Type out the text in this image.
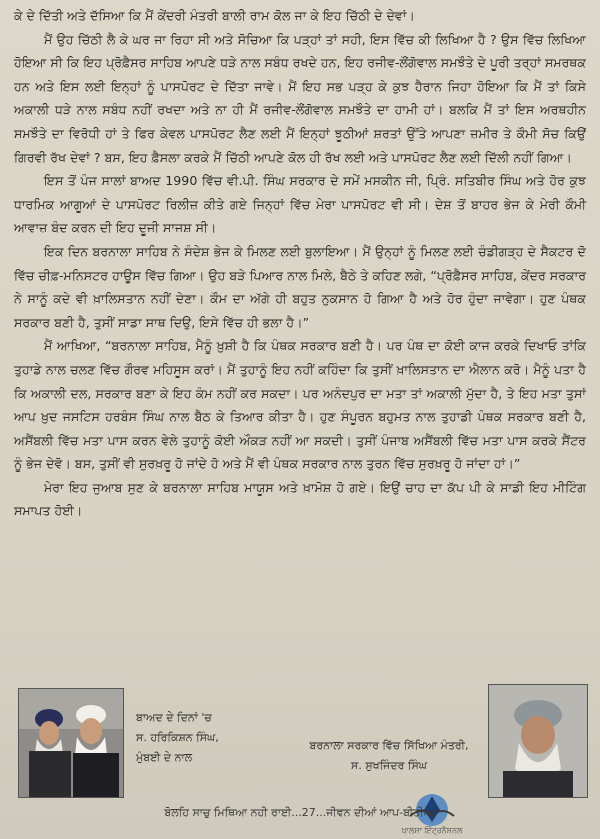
ਕੇ ਦੇ ਦਿੱਤੀ ਅਤੇ ਦੱਸਿਆ ਕਿ ਮੈਂ ਕੇਂਦਰੀ ਮੰਤਰੀ ਬਾਲੀ ਰਾਮ ਕੋਲ ਜਾ ਕੇ ਇਹ ਚਿੱਠੀ ਦੇ ਦੇਵਾਂ।

ਮੈਂ ਉਹ ਚਿੱਠੀ ਲੈ ਕੇ ਘਰ ਜਾ ਰਿਹਾ ਸੀ ਅਤੇ ਸੋਚਿਆ ਕਿ ਪੜ੍ਹਾਂ ਤਾਂ ਸਹੀ, ਇਸ ਵਿੱਚ ਕੀ ਲਿਖਿਆ ਹੈ ? ਉਸ ਵਿੱਚ ਲਿਖਿਆ ਹੋਇਆ ਸੀ ਕਿ ਇਹ ਪ੍ਰੋਫ਼ੈਸਰ ਸਾਹਿਬ ਆਪਣੇ ਧੜੇ ਨਾਲ ਸਬੰਧ ਰਖਦੇ ਹਨ, ਇਹ ਰਜੀਵ-ਲੌਂਗੋਵਾਲ ਸਮਝੌਤੇ ਦੇ ਪੂਰੀ ਤਰ੍ਹਾਂ ਸਮਰਥਕ ਹਨ ਅਤੇ ਇਸ ਲਈ ਇਨ੍ਹਾਂ ਨੂੰ ਪਾਸਪੋਰਟ ਦੇ ਦਿੱਤਾ ਜਾਵੇ। ਮੈਂ ਇਹ ਸਭ ਪੜ੍ਹ ਕੇ ਕੁਝ ਹੈਰਾਨ ਜਿਹਾ ਹੋਇਆ ਕਿ ਮੈਂ ਤਾਂ ਕਿਸੇ ਅਕਾਲੀ ਧੜੇ ਨਾਲ ਸਬੰਧ ਨਹੀਂ ਰਖਦਾ ਅਤੇ ਨਾ ਹੀ ਮੈਂ ਰਜੀਵ-ਲੌਂਗੋਵਾਲ ਸਮਝੌਤੇ ਦਾ ਹਾਮੀ ਹਾਂ। ਬਲਕਿ ਮੈਂ ਤਾਂ ਇਸ ਅਰਥਹੀਨ ਸਮਝੌਤੇ ਦਾ ਵਿਰੋਧੀ ਹਾਂ ਤੇ ਫਿਰ ਕੇਵਲ ਪਾਸਪੋਰਟ ਲੈਣ ਲਈ ਮੈਂ ਇਨ੍ਹਾਂ ਝੂਠੀਆਂ ਸ਼ਰਤਾਂ ਉੱਤੇ ਆਪਣਾ ਜ਼ਮੀਰ ਤੇ ਕੌਮੀ ਸੋਚ ਕਿਉਂ ਗਿਰਵੀ ਰੱਖ ਦੇਵਾਂ ? ਬਸ, ਇਹ ਫ਼ੈਸਲਾ ਕਰਕੇ ਮੈਂ ਚਿੱਠੀ ਆਪਣੇ ਕੋਲ ਹੀ ਰੱਖ ਲਈ ਅਤੇ ਪਾਸਪੋਰਟ ਲੈਣ ਲਈ ਦਿੱਲੀ ਨਹੀਂ ਗਿਆ।

ਇਸ ਤੋਂ ਪੰਜ ਸਾਲਾਂ ਬਾਅਦ 1990 ਵਿੱਚ ਵੀ.ਪੀ. ਸਿੰਘ ਸਰਕਾਰ ਦੇ ਸਮੇਂ ਮਸਕੀਨ ਜੀ, ਪ੍ਰਿੰ. ਸਤਿਬੀਰ ਸਿੰਘ ਅਤੇ ਹੋਰ ਕੁਝ ਧਾਰਮਿਕ ਆਗੂਆਂ ਦੇ ਪਾਸਪੋਰਟ ਰਿਲੀਜ਼ ਕੀਤੇ ਗਏ ਜਿਨ੍ਹਾਂ ਵਿੱਚ ਮੇਰਾ ਪਾਸਪੋਰਟ ਵੀ ਸੀ। ਦੇਸ਼ ਤੋਂ ਬਾਹਰ ਭੇਜ ਕੇ ਮੇਰੀ ਕੌਮੀ ਆਵਾਜ਼ ਬੰਦ ਕਰਨ ਦੀ ਇਹ ਦੂਜੀ ਸਾਜਸ਼ ਸੀ।

ਇਕ ਦਿਨ ਬਰਨਾਲਾ ਸਾਹਿਬ ਨੇ ਸੰਦੇਸ਼ ਭੇਜ ਕੇ ਮਿਲਣ ਲਈ ਬੁਲਾਇਆ। ਮੈਂ ਉਨ੍ਹਾਂ ਨੂੰ ਮਿਲਣ ਲਈ ਚੰਡੀਗੜ੍ਹ ਦੇ ਸੈਕਟਰ ਦੋ ਵਿੱਚ ਚੀਫ਼-ਮਨਿਸਟਰ ਹਾਊਸ ਵਿੱਚ ਗਿਆ। ਉਹ ਬੜੇ ਪਿਆਰ ਨਾਲ ਮਿਲੇ, ਬੈਠੇ ਤੇ ਕਹਿਣ ਲਗੇ, “ਪ੍ਰੋਫ਼ੈਸਰ ਸਾਹਿਬ, ਕੇਂਦਰ ਸਰਕਾਰ ਨੇ ਸਾਨੂੰ ਕਦੇ ਵੀ ਖ਼ਾਲਿਸਤਾਨ ਨਹੀਂ ਦੇਣਾ। ਕੌਮ ਦਾ ਅੱਗੇ ਹੀ ਬਹੁਤ ਨੁਕਸਾਨ ਹੋ ਗਿਆ ਹੈ ਅਤੇ ਹੋਰ ਹੁੰਦਾ ਜਾਵੇਗਾ। ਹੁਣ ਪੰਥਕ ਸਰਕਾਰ ਬਣੀ ਹੈ, ਤੁਸੀਂ ਸਾਡਾ ਸਾਥ ਦਿਉ, ਇਸੇ ਵਿੱਚ ਹੀ ਭਲਾ ਹੈ।”

ਮੈਂ ਆਖਿਆ, “ਬਰਨਾਲਾ ਸਾਹਿਬ, ਮੈਨੂੰ ਖ਼ੁਸ਼ੀ ਹੈ ਕਿ ਪੰਥਕ ਸਰਕਾਰ ਬਣੀ ਹੈ। ਪਰ ਪੰਥ ਦਾ ਕੋਈ ਕਾਜ ਕਰਕੇ ਦਿਖਾਓ ਤਾਂਕਿ ਤੁਹਾਡੇ ਨਾਲ ਚਲਣ ਵਿੱਚ ਗੌਰਵ ਮਹਿਸੂਸ ਕਰਾਂ। ਮੈਂ ਤੁਹਾਨੂੰ ਇਹ ਨਹੀਂ ਕਹਿੰਦਾ ਕਿ ਤੁਸੀਂ ਖ਼ਾਲਿਸਤਾਨ ਦਾ ਐਲਾਨ ਕਰੋ। ਮੈਨੂੰ ਪਤਾ ਹੈ ਕਿ ਅਕਾਲੀ ਦਲ, ਸਰਕਾਰ ਬਣਾ ਕੇ ਇਹ ਕੰਮ ਨਹੀਂ ਕਰ ਸਕਦਾ। ਪਰ ਅਨੰਦਪੁਰ ਦਾ ਮਤਾ ਤਾਂ ਅਕਾਲੀ ਮੁੱਦਾ ਹੈ, ਤੇ ਇਹ ਮਤਾ ਤੁਸਾਂ ਆਪ ਖ਼ੁਦ ਜਸਟਿਸ ਹਰਬੰਸ ਸਿੰਘ ਨਾਲ ਬੈਠ ਕੇ ਤਿਆਰ ਕੀਤਾ ਹੈ। ਹੁਣ ਸੰਪੂਰਨ ਬਹੁਮਤ ਨਾਲ ਤੁਹਾਡੀ ਪੰਥਕ ਸਰਕਾਰ ਬਣੀ ਹੈ, ਅਸੈਂਬਲੀ ਵਿੱਚ ਮਤਾ ਪਾਸ ਕਰਨ ਵੇਲੇ ਤੁਹਾਨੂੰ ਕੋਈ ਔਕੜ ਨਹੀਂ ਆ ਸਕਦੀ। ਤੁਸੀਂ ਪੰਜਾਬ ਅਸੈਂਬਲੀ ਵਿੱਚ ਮਤਾ ਪਾਸ ਕਰਕੇ ਸੈਂਟਰ ਨੂੰ ਭੇਜ ਦੇਵੋ। ਬਸ, ਤੁਸੀਂ ਵੀ ਸੁਰਖ਼ਰੂ ਹੋ ਜਾਂਦੇ ਹੋ ਅਤੇ ਮੈਂ ਵੀ ਪੰਥਕ ਸਰਕਾਰ ਨਾਲ ਤੁਰਨ ਵਿੱਚ ਸੁਰਖ਼ਰੂ ਹੋ ਜਾਂਦਾ ਹਾਂ।”

ਮੇਰਾ ਇਹ ਜੁਆਬ ਸੁਣ ਕੇ ਬਰਨਾਲਾ ਸਾਹਿਬ ਮਾਯੂਸ ਅਤੇ ਖ਼ਾਮੋਸ਼ ਹੋ ਗਏ। ਇਉਂ ਚਾਹ ਦਾ ਕੱਪ ਪੀ ਕੇ ਸਾਡੀ ਇਹ ਮੀਟਿੰਗ ਸਮਾਪਤ ਹੋਈ।

ਬਾਅਦ ਦੇ ਦਿਨਾਂ 'ਚ
ਸ. ਹਰਿਕਿਸ਼ਨ ਸਿੰਘ,
ਮੁੰਬਈ ਦੇ ਨਾਲ
ਬਰਨਾਲਾ ਸਰਕਾਰ ਵਿੱਚ ਸਿੱਖਿਆ ਮੰਤਰੀ,
ਸ. ਸੁਖਜਿੰਦਰ ਸਿੰਘ
ਖ਼ਾਲਸਾ ਇੰਟ੍ਰਨੈਸ਼ਨਲ
ਬੋਲਹਿ ਸਾਚੁ ਮਿਥਿਆ ਨਹੀ ਰਾਈ...27...ਜੀਵਨ ਦੀਆਂ ਆਪ-ਬੀਤੀਆਂ
